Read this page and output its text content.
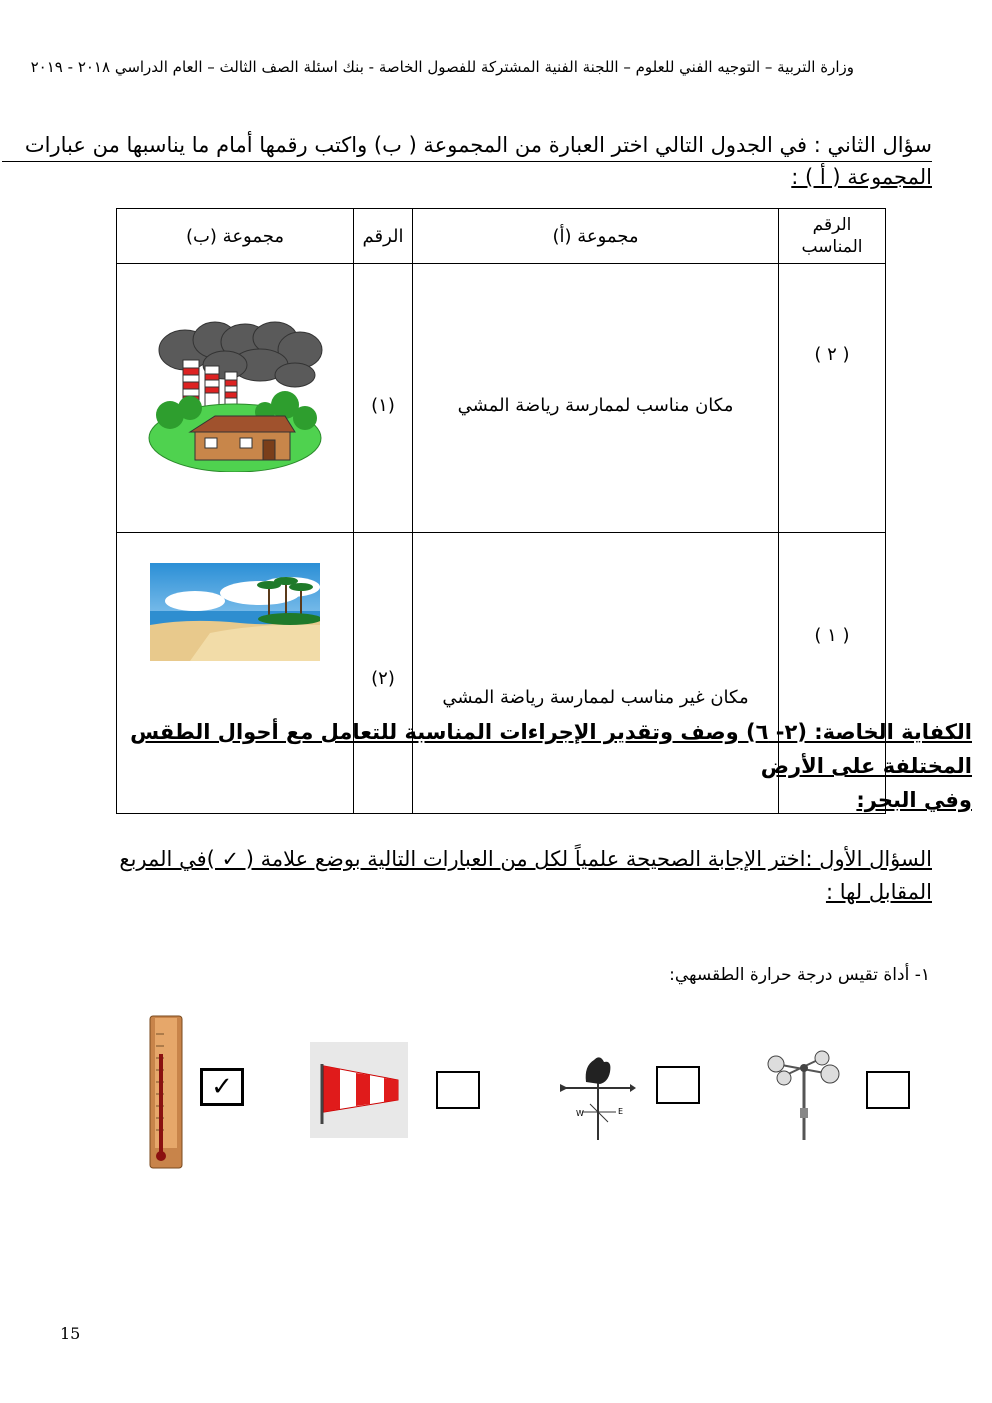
وزارة التربية – التوجيه الفني للعلوم – اللجنة الفنية المشتركة للفصول الخاصة - بنك اسئلة الصف الثالث – العام الدراسي ٢٠١٨ - ٢٠١٩
سؤال الثاني : في الجدول التالي اختر العبارة من المجموعة ( ب) واكتب رقمها أمام ما يناسبها من عبارات
المجموعة ( أ ) :
الرقم المناسب	مجموعة (أ)	الرقم	مجموعة (ب)
( ٢ )	مكان مناسب لممارسة رياضة المشي	(١)	
( ١ )	مكان غير مناسب لممارسة رياضة المشي	(٢)	
الكفاية الخاصة: (٢- ٦) وصف وتقدير الإجراءات المناسبة للتعامل مع أحوال الطقس المختلفة على الأرض
وفي البحر:
السؤال الأول :اختر الإجابة الصحيحة علمياً لكل من العبارات التالية بوضع علامة ( ✓ )في المربع
المقابل لها :
١- أداة تقيس درجة حرارة الطقسهي:
✓
W	E
15
